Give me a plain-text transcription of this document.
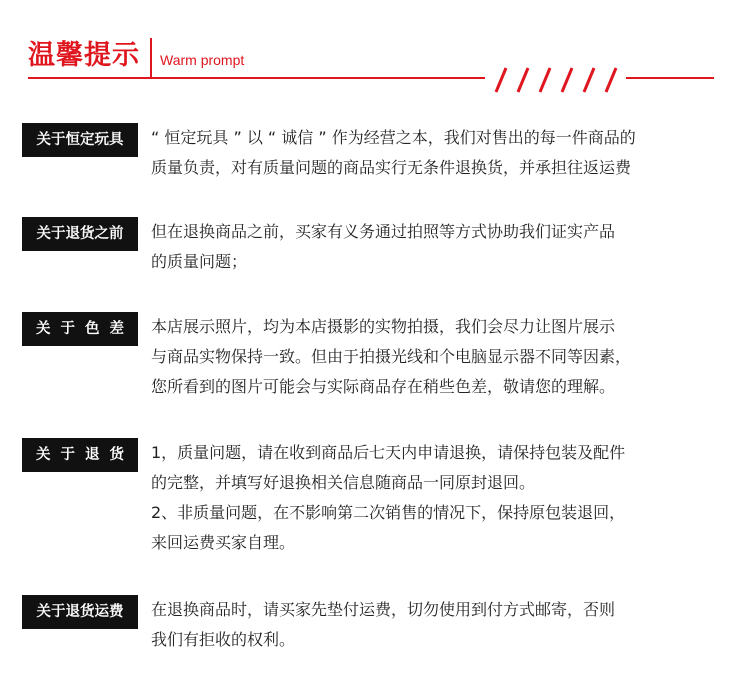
温馨提示 Warm prompt
关于恒定玩具	“ 恒定玩具 ” 以 “ 诚信 ” 作为经营之本，我们对售出的每一件商品的
质量负责，对有质量问题的商品实行无条件退换货，并承担往返运费
关于退货之前	但在退换商品之前，买家有义务通过拍照等方式协助我们证实产品
的质量问题；
关于色差 本店展示照片，均为本店摄影的实物拍摄，我们会尽力让图片展示
与商品实物保持一致。但由于拍摄光线和个电脑显示器不同等因素，
您所看到的图片可能会与实际商品存在稍些色差，敬请您的理解。
关于退货 1，质量问题，请在收到商品后七天内申请退换，请保持包装及配件
的完整，并填写好退换相关信息随商品一同原封退回。
2、非质量问题，在不影响第二次销售的情况下，保持原包装退回，
来回运费买家自理。
关于退货运费	在退换商品时，请买家先垫付运费，切勿使用到付方式邮寄，否则
我们有拒收的权利。
